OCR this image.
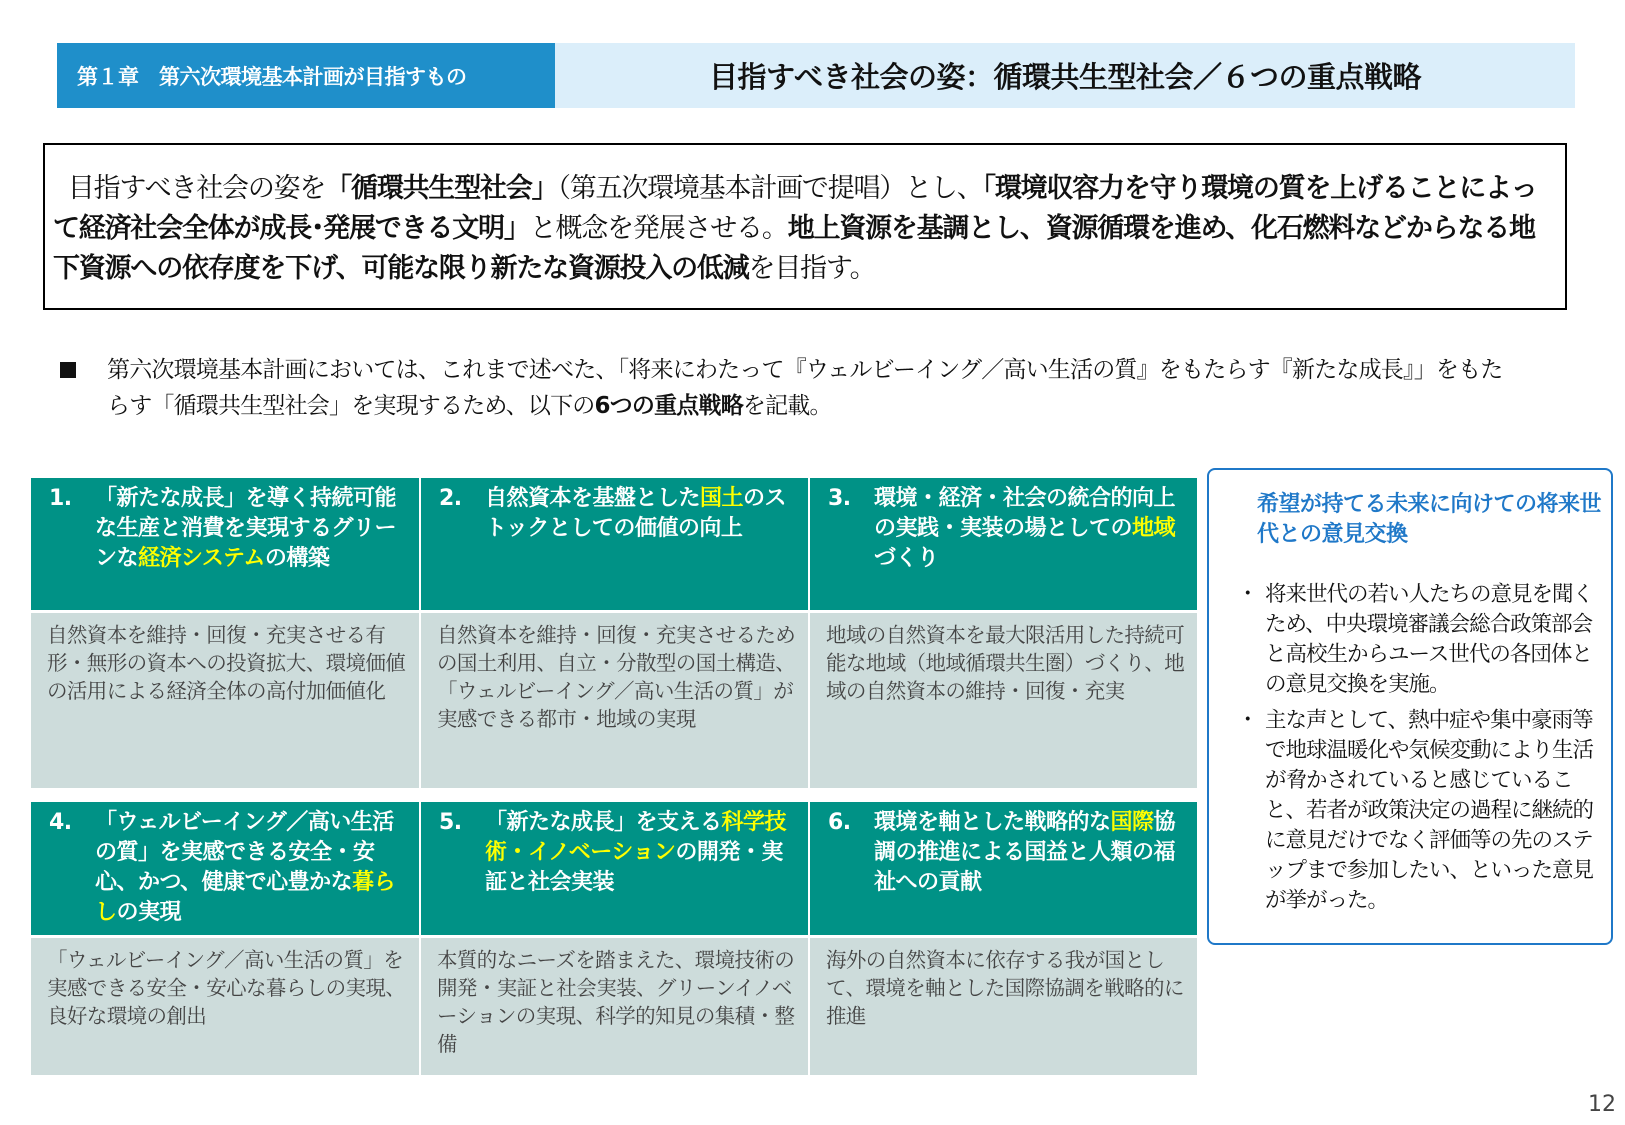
第１章　第六次環境基本計画が目指すもの	目指すべき社会の姿：循環共生型社会／６つの重点戦略
目指すべき社会の姿を「循環共生型社会」（第五次環境基本計画で提唱）とし、「環境収容力を守り環境の質を上げることによって経済社会全体が成長･発展できる文明」と概念を発展させる。地上資源を基調とし、資源循環を進め、化石燃料などからなる地下資源への依存度を下げ、可能な限り新たな資源投入の低減を目指す。
第六次環境基本計画においては、これまで述べた、「将来にわたって『ウェルビーイング／高い生活の質』をもたらす『新たな成長』」をもたらす「循環共生型社会」を実現するため、以下の6つの重点戦略を記載。
1. 「新たな成長」を導く持続可能な生産と消費を実現するグリーンな経済システムの構築
自然資本を維持・回復・充実させる有形・無形の資本への投資拡大、環境価値の活用による経済全体の高付加価値化
2. 自然資本を基盤とした国土のストックとしての価値の向上
自然資本を維持・回復・充実させるための国土利用、自立・分散型の国土構造、「ウェルビーイング／高い生活の質」が実感できる都市・地域の実現
3. 環境・経済・社会の統合的向上の実践・実装の場としての地域づくり
地域の自然資本を最大限活用した持続可能な地域（地域循環共生圏）づくり、地域の自然資本の維持・回復・充実
4. 「ウェルビーイング／高い生活の質」を実感できる安全・安心、かつ、健康で心豊かな暮らしの実現
「ウェルビーイング／高い生活の質」を実感できる安全・安心な暮らしの実現、良好な環境の創出
5. 「新たな成長」を支える科学技術・イノベーションの開発・実証と社会実装
本質的なニーズを踏まえた、環境技術の開発・実証と社会実装、グリーンイノベーションの実現、科学的知見の集積・整備
6. 環境を軸とした戦略的な国際協調の推進による国益と人類の福祉への貢献
海外の自然資本に依存する我が国として、環境を軸とした国際協調を戦略的に推進
希望が持てる未来に向けての将来世代との意見交換
・ 将来世代の若い人たちの意見を聞くため、中央環境審議会総合政策部会と高校生からユース世代の各団体との意見交換を実施。
・ 主な声として、熱中症や集中豪雨等で地球温暖化や気候変動により生活が脅かされていると感じていること、若者が政策決定の過程に継続的に意見だけでなく評価等の先のステップまで参加したい、といった意見が挙がった。
12
